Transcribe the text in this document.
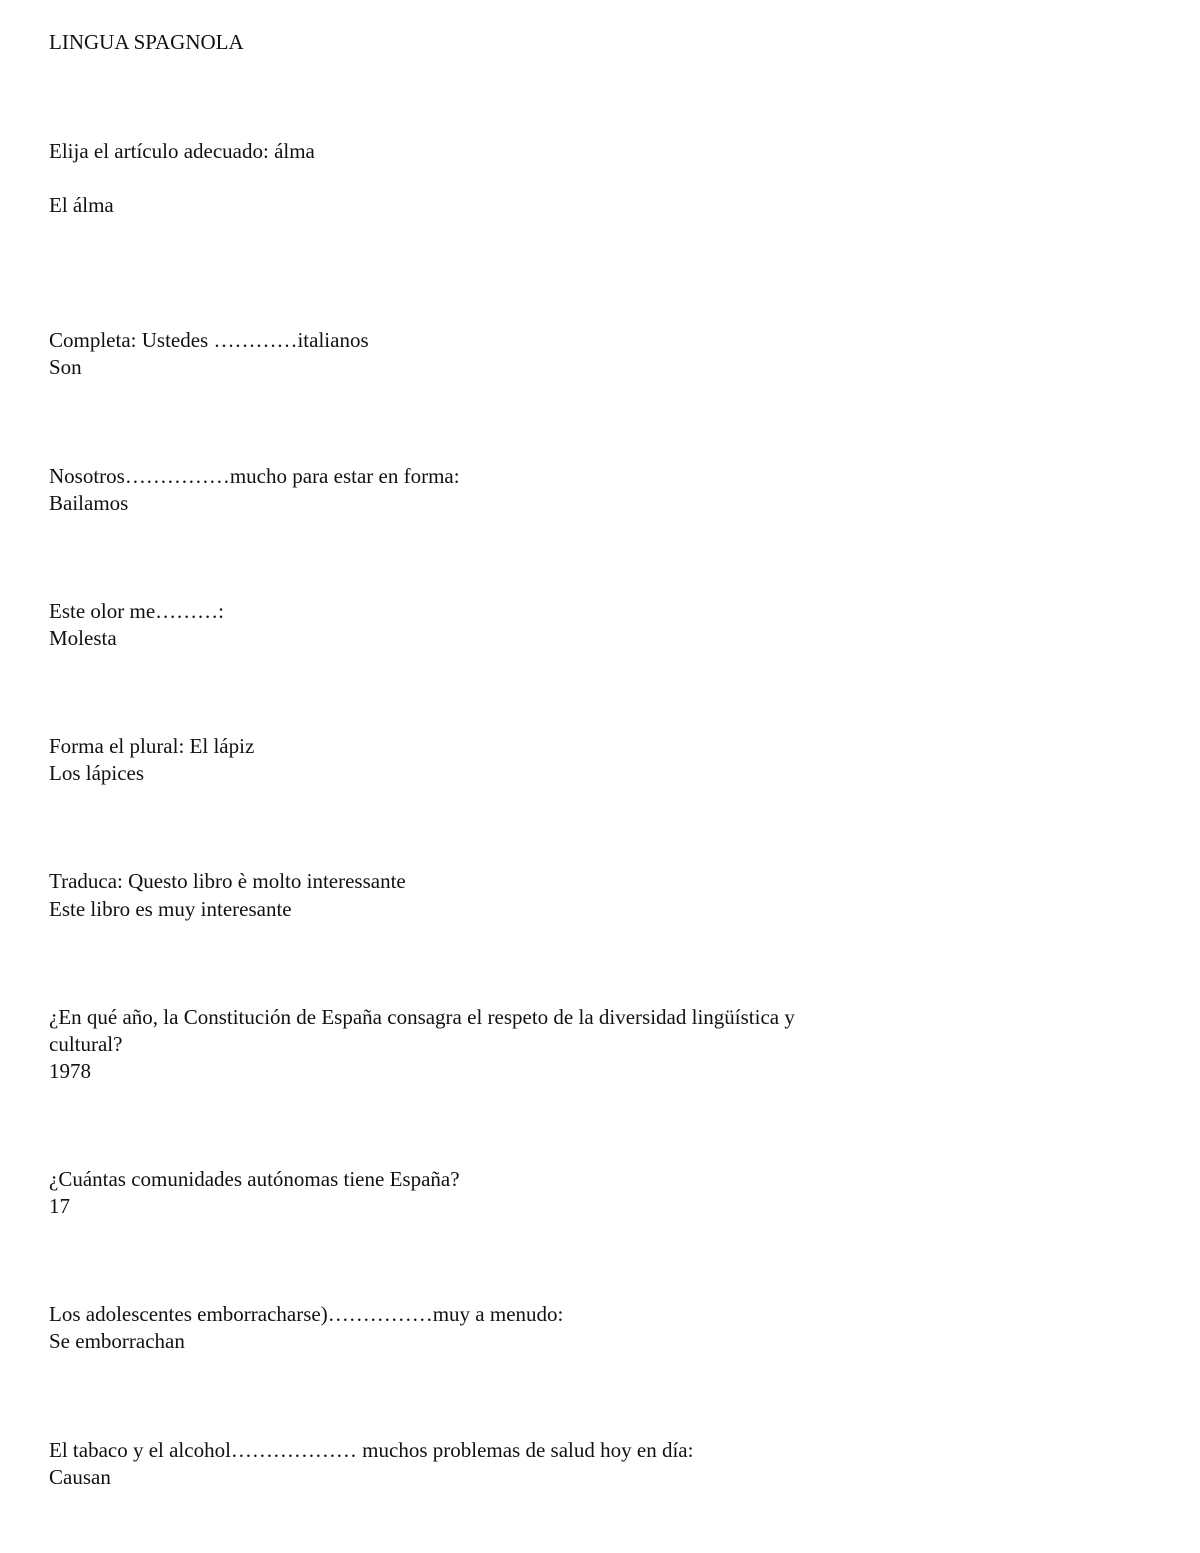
LINGUA SPAGNOLA
Elija el artículo adecuado: álma
El álma
Completa: Ustedes …………italianos
Son
Nosotros……………mucho para estar en forma:
Bailamos
Este olor me………:
Molesta
Forma el plural: El lápiz
Los lápices
Traduca: Questo libro è molto interessante
Este libro es muy interesante
¿En qué año, la Constitución de España consagra el respeto de la diversidad lingüística y
cultural?
1978
¿Cuántas comunidades autónomas tiene España?
17
Los adolescentes emborracharse)……………muy a menudo:
Se emborrachan
El tabaco y el alcohol……………… muchos problemas de salud hoy en día:
Causan
